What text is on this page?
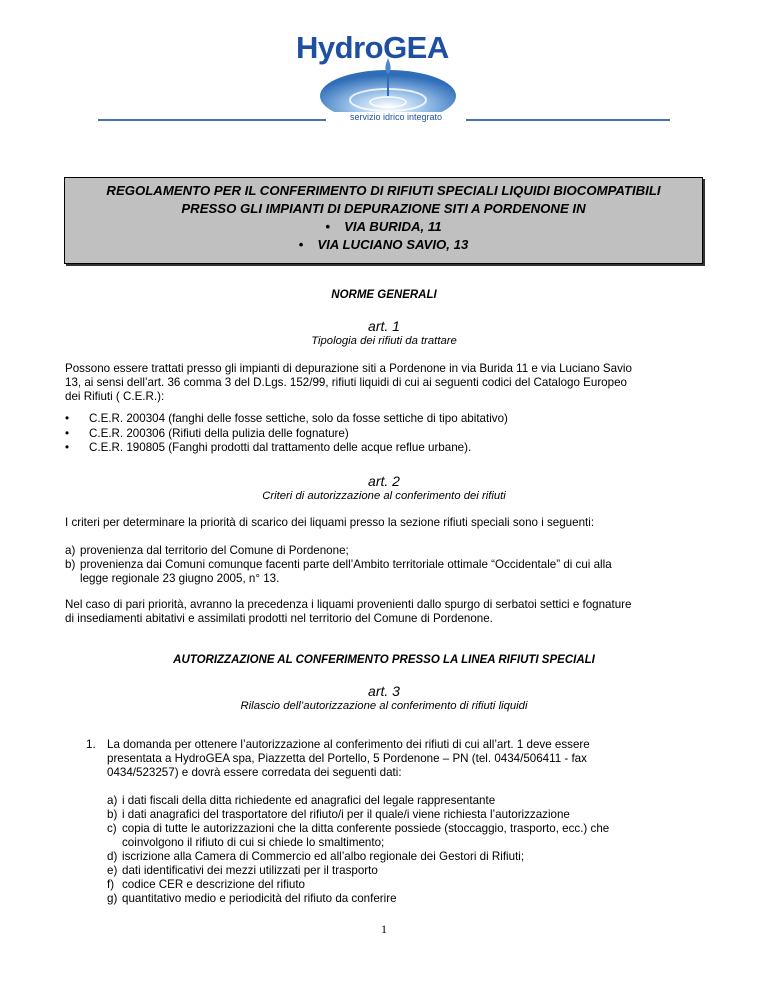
HydroGEA
servizio idrico integrato
REGOLAMENTO PER IL CONFERIMENTO DI RIFIUTI SPECIALI LIQUIDI BIOCOMPATIBILI
PRESSO GLI IMPIANTI DI DEPURAZIONE SITI A PORDENONE IN
• VIA BURIDA, 11
• VIA LUCIANO SAVIO, 13
NORME GENERALI
art. 1
Tipologia dei rifiuti da trattare
Possono essere trattati presso gli impianti di depurazione siti a Pordenone in via Burida 11 e via Luciano Savio
13, ai sensi dell’art. 36 comma 3 del D.Lgs. 152/99, rifiuti liquidi di cui ai seguenti codici del Catalogo Europeo
dei Rifiuti ( C.E.R.):
• C.E.R. 200304 (fanghi delle fosse settiche, solo da fosse settiche di tipo abitativo)
• C.E.R. 200306 (Rifiuti della pulizia delle fognature)
• C.E.R. 190805 (Fanghi prodotti dal trattamento delle acque reflue urbane).
art. 2
Criteri di autorizzazione al conferimento dei rifiuti
I criteri per determinare la priorità di scarico dei liquami presso la sezione rifiuti speciali sono i seguenti:
a) provenienza dal territorio del Comune di Pordenone;
b) provenienza dai Comuni comunque facenti parte dell’Ambito territoriale ottimale “Occidentale” di cui alla
legge regionale 23 giugno 2005, n° 13.
Nel caso di pari priorità, avranno la precedenza i liquami provenienti dallo spurgo di serbatoi settici e fognature
di insediamenti abitativi e assimilati prodotti nel territorio del Comune di Pordenone.
AUTORIZZAZIONE AL CONFERIMENTO PRESSO LA LINEA RIFIUTI SPECIALI
art. 3
Rilascio dell’autorizzazione al conferimento di rifiuti liquidi
1. La domanda per ottenere l’autorizzazione al conferimento dei rifiuti di cui all’art. 1 deve essere
presentata a HydroGEA spa, Piazzetta del Portello, 5 Pordenone – PN (tel. 0434/506411 - fax
0434/523257) e dovrà essere corredata dei seguenti dati:
a) i dati fiscali della ditta richiedente ed anagrafici del legale rappresentante
b) i dati anagrafici del trasportatore del rifiuto/i per il quale/i viene richiesta l’autorizzazione
c) copia di tutte le autorizzazioni che la ditta conferente possiede (stoccaggio, trasporto, ecc.) che
coinvolgono il rifiuto di cui si chiede lo smaltimento;
d) iscrizione alla Camera di Commercio ed all’albo regionale dei Gestori di Rifiuti;
e) dati identificativi dei mezzi utilizzati per il trasporto
f) codice CER e descrizione del rifiuto
g) quantitativo medio e periodicità del rifiuto da conferire
1
